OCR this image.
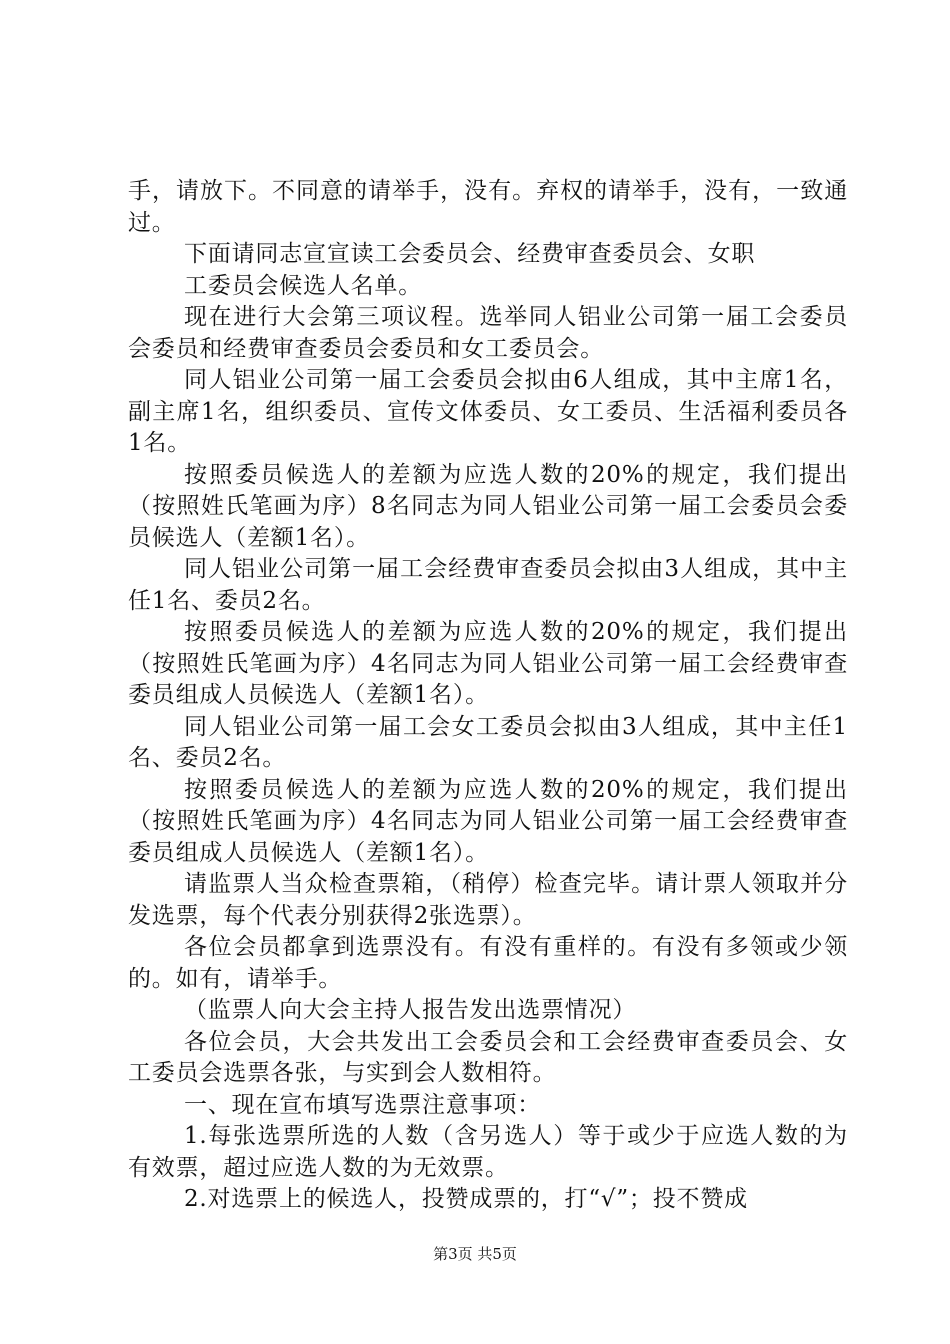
手，请放下。不同意的请举手，没有。弃权的请举手，没有，一致通过。

下面请同志宣宣读工会委员会、经费审查委员会、女职

工委员会候选人名单。

现在进行大会第三项议程。选举同人铝业公司第一届工会委员会委员和经费审查委员会委员和女工委员会。

同人铝业公司第一届工会委员会拟由6人组成，其中主席1名，副主席1名，组织委员、宣传文体委员、女工委员、生活福利委员各1名。

按照委员候选人的差额为应选人数的20%的规定，我们提出（按照姓氏笔画为序）8名同志为同人铝业公司第一届工会委员会委员候选人（差额1名）。

同人铝业公司第一届工会经费审查委员会拟由3人组成，其中主任1名、委员2名。

按照委员候选人的差额为应选人数的20%的规定，我们提出（按照姓氏笔画为序）4名同志为同人铝业公司第一届工会经费审查委员组成人员候选人（差额1名）。

同人铝业公司第一届工会女工委员会拟由3人组成，其中主任1名、委员2名。

按照委员候选人的差额为应选人数的20%的规定，我们提出（按照姓氏笔画为序）4名同志为同人铝业公司第一届工会经费审查委员组成人员候选人（差额1名）。

请监票人当众检查票箱，（稍停）检查完毕。请计票人领取并分发选票，每个代表分别获得2张选票）。

各位会员都拿到选票没有。有没有重样的。有没有多领或少领的。如有，请举手。

（监票人向大会主持人报告发出选票情况）

各位会员，大会共发出工会委员会和工会经费审查委员会、女工委员会选票各张，与实到会人数相符。

一、现在宣布填写选票注意事项：

1.每张选票所选的人数（含另选人）等于或少于应选人数的为有效票，超过应选人数的为无效票。

2.对选票上的候选人，投赞成票的，打“√”；投不赞成

第3页 共5页
